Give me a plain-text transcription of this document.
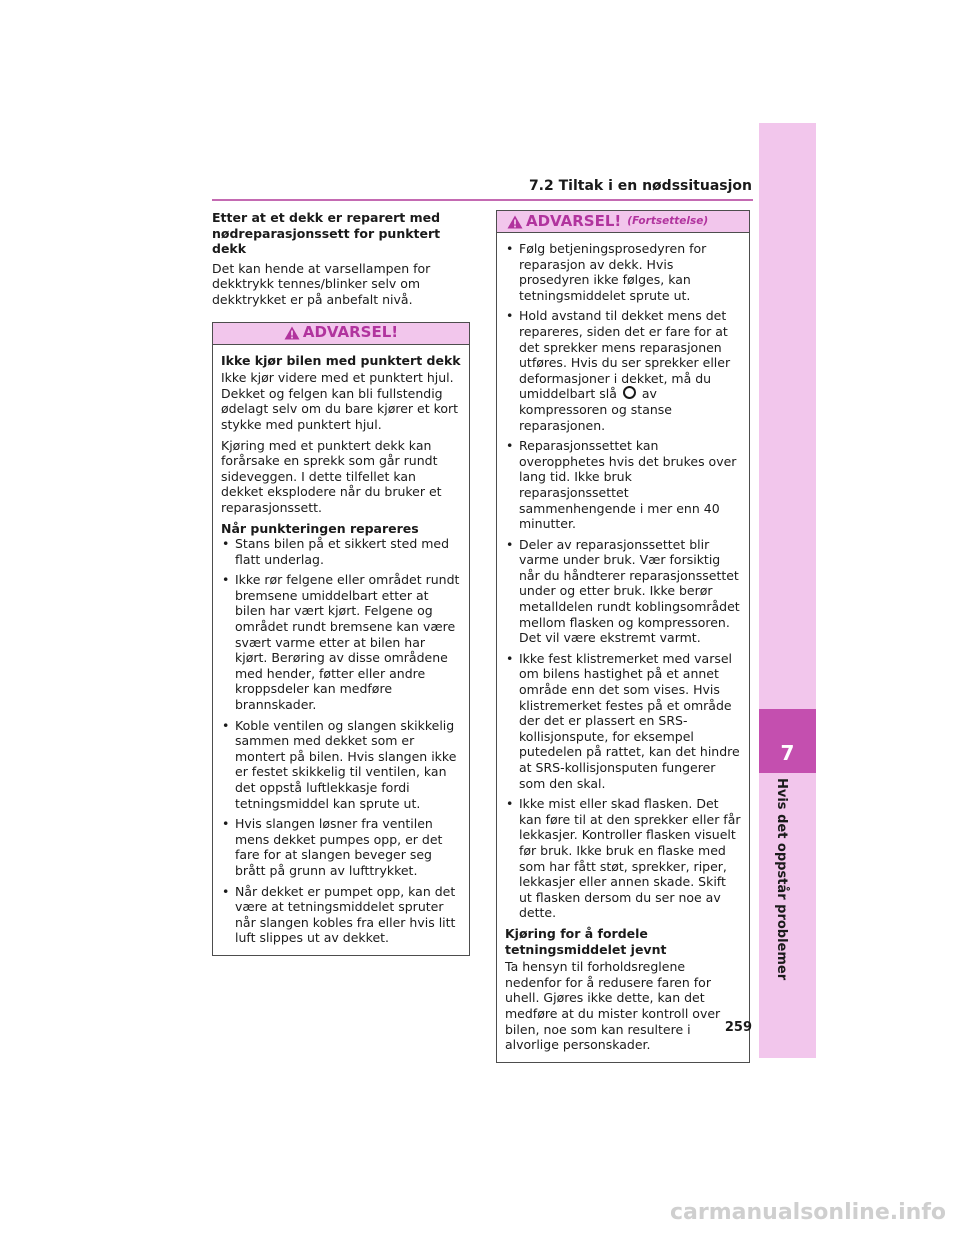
7
Hvis det oppstår problemer
7.2 Tiltak i en nødssituasjon
Etter at et dekk er reparert med
nødreparasjonssett for punktert dekk

Det kan hende at varsellampen for dekktrykk tennes/blinker selv om dekktrykket er på anbefalt nivå.

ADVARSEL!
Ikke kjør bilen med punktert dekk

Ikke kjør videre med et punktert hjul. Dekket og felgen kan bli fullstendig ødelagt selv om du bare kjører et kort stykke med punktert hjul.

Kjøring med et punktert dekk kan forårsake en sprekk som går rundt sideveggen. I dette tilfellet kan dekket eksplodere når du bruker et reparasjonssett.

Når punkteringen repareres
• Stans bilen på et sikkert sted med flatt underlag.
• Ikke rør felgene eller området rundt bremsene umiddelbart etter at bilen har vært kjørt. Felgene og området rundt bremsene kan være svært varme etter at bilen har kjørt. Berøring av disse områdene med hender, føtter eller andre kroppsdeler kan medføre brannskader.
• Koble ventilen og slangen skikkelig sammen med dekket som er montert på bilen. Hvis slangen ikke er festet skikkelig til ventilen, kan det oppstå luftlekkasje fordi tetningsmiddel kan sprute ut.
• Hvis slangen løsner fra ventilen mens dekket pumpes opp, er det fare for at slangen beveger seg brått på grunn av lufttrykket.
• Når dekket er pumpet opp, kan det være at tetningsmiddelet spruter når slangen kobles fra eller hvis litt luft slippes ut av dekket.
ADVARSEL! (Fortsettelse)
• Følg betjeningsprosedyren for reparasjon av dekk. Hvis prosedyren ikke følges, kan tetningsmiddelet sprute ut.
• Hold avstand til dekket mens det repareres, siden det er fare for at det sprekker mens reparasjonen utføres. Hvis du ser sprekker eller deformasjoner i dekket, må du umiddelbart slå av kompressoren og stanse reparasjonen.
• Reparasjonssettet kan overopphetes hvis det brukes over lang tid. Ikke bruk reparasjonssettet sammenhengende i mer enn 40 minutter.
• Deler av reparasjonssettet blir varme under bruk. Vær forsiktig når du håndterer reparasjonssettet under og etter bruk. Ikke berør metalldelen rundt koblingsområdet mellom flasken og kompressoren. Det vil være ekstremt varmt.
• Ikke fest klistremerket med varsel om bilens hastighet på et annet område enn det som vises. Hvis klistremerket festes på et område der det er plassert en SRS-kollisjonspute, for eksempel putedelen på rattet, kan det hindre at SRS-kollisjonsputen fungerer som den skal.
• Ikke mist eller skad flasken. Det kan føre til at den sprekker eller får lekkasjer. Kontroller flasken visuelt før bruk. Ikke bruk en flaske med som har fått støt, sprekker, riper, lekkasjer eller annen skade. Skift ut flasken dersom du ser noe av dette.
Kjøring for å fordele
tetningsmiddelet jevnt

Ta hensyn til forholdsreglene nedenfor for å redusere faren for uhell. Gjøres ikke dette, kan det medføre at du mister kontroll over bilen, noe som kan resultere i alvorlige personskader.

259
carmanualsonline.info
